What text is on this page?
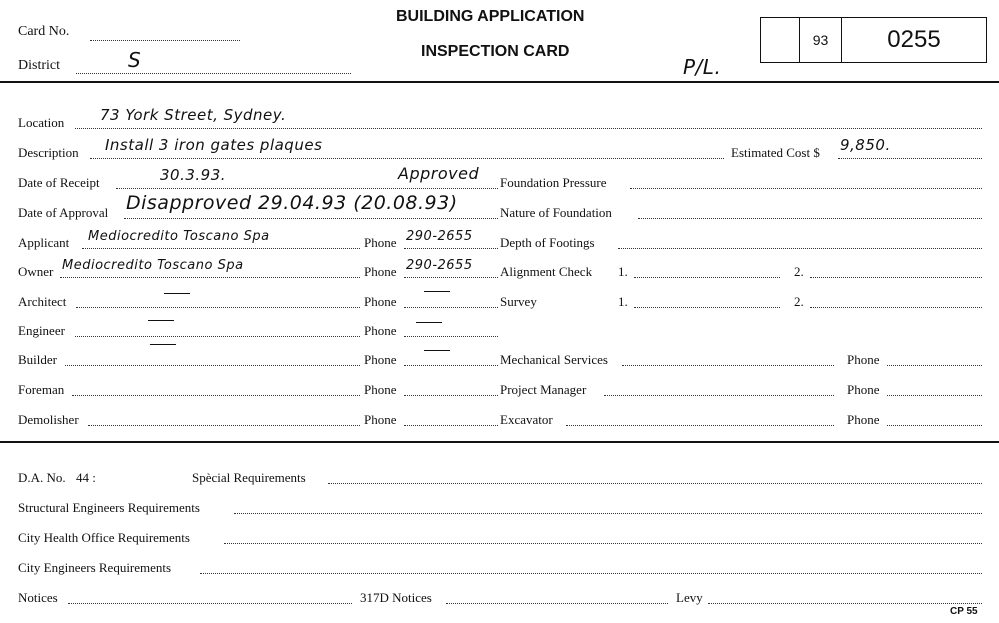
Card No.
District	S
BUILDING APPLICATION
INSPECTION CARD
P/L.
93	0255
Location 73 York Street, Sydney.
Description Install 3 iron gates plaques	Estimated Cost $ 9,850.
Date of Receipt	30.3.93.	Approved
Date of Approval Disapproved 29.04.93 (20.08.93)
Applicant Mediocredito Toscano Spa	Phone 290-2655
Owner Mediocredito Toscano Spa	Phone 290-2655
Architect	Phone
Engineer	Phone
Builder	Phone
Foreman	Phone
Demolisher	Phone
Foundation Pressure
Nature of Foundation
Depth of Footings
Alignment Check 1.	2.
Survey	1.	2.
Mechanical Services	Phone
Project Manager	Phone
Excavator	Phone
D.A. No. 44 :	Spècial Requirements
Structural Engineers Requirements
City Health Office Requirements
City Engineers Requirements
Notices	317D Notices	Levy
CP 55
